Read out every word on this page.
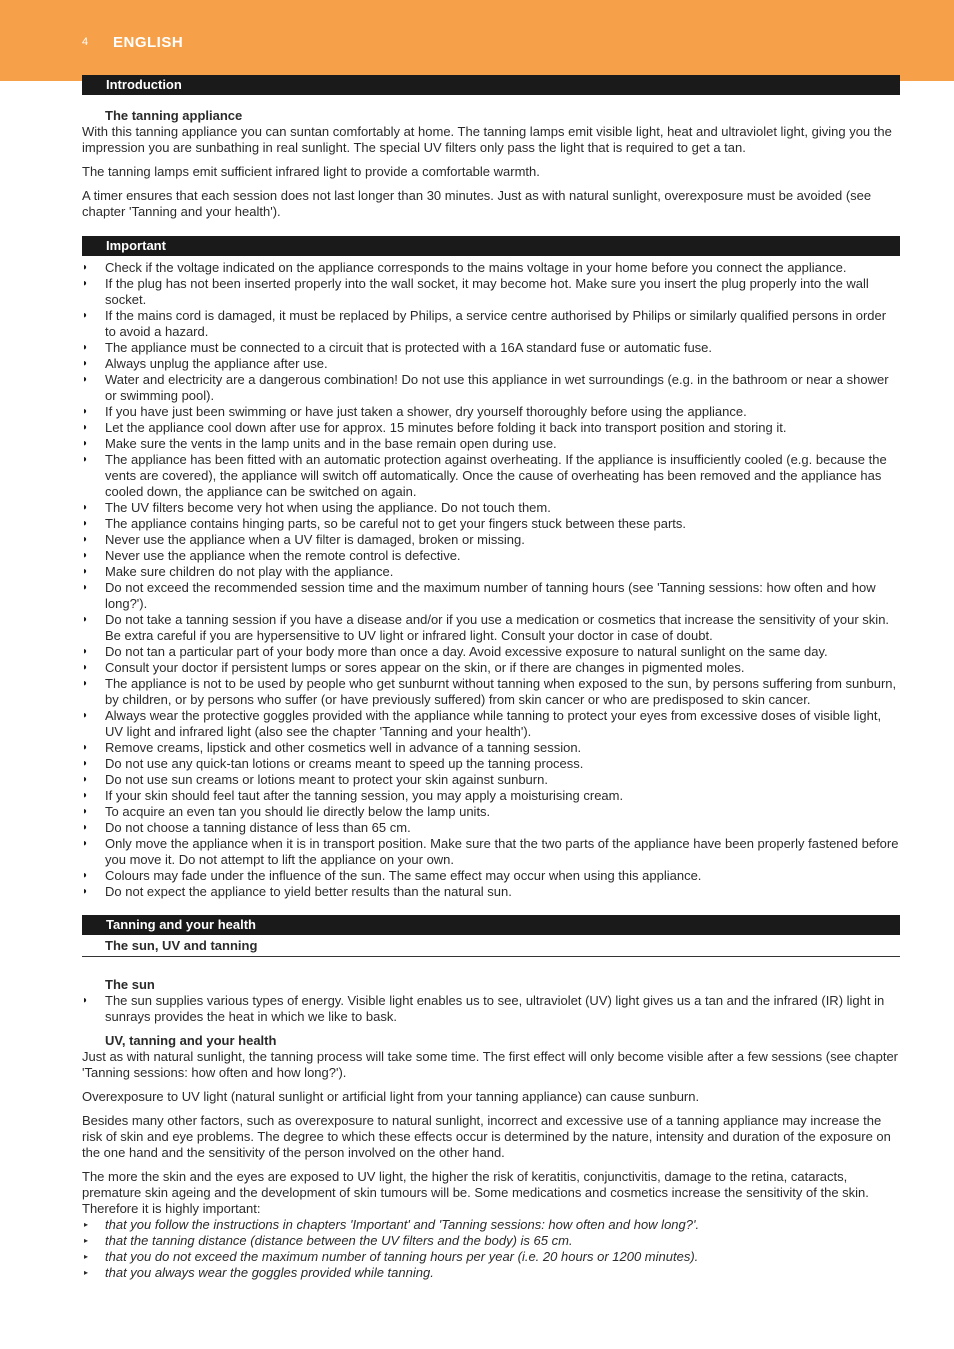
4 ENGLISH
Introduction
The tanning appliance
With this tanning appliance you can suntan comfortably at home. The tanning lamps emit visible light, heat and ultraviolet light, giving you the impression you are sunbathing in real sunlight. The special UV filters only pass the light that is required to get a tan.
The tanning lamps emit sufficient infrared light to provide a comfortable warmth.
A timer ensures that each session does not last longer than 30 minutes. Just as with natural sunlight, overexposure must be avoided (see chapter 'Tanning and your health').
Important
◗ Check if the voltage indicated on the appliance corresponds to the mains voltage in your home before you connect the appliance.
◗ If the plug has not been inserted properly into the wall socket, it may become hot. Make sure you insert the plug properly into the wall socket.
◗ If the mains cord is damaged, it must be replaced by Philips, a service centre authorised by Philips or similarly qualified persons in order to avoid a hazard.
◗ The appliance must be connected to a circuit that is protected with a 16A standard fuse or automatic fuse.
◗ Always unplug the appliance after use.
◗ Water and electricity are a dangerous combination! Do not use this appliance in wet surroundings (e.g. in the bathroom or near a shower or swimming pool).
◗ If you have just been swimming or have just taken a shower, dry yourself thoroughly before using the appliance.
◗ Let the appliance cool down after use for approx. 15 minutes before folding it back into transport position and storing it.
◗ Make sure the vents in the lamp units and in the base remain open during use.
◗ The appliance has been fitted with an automatic protection against overheating. If the appliance is insufficiently cooled (e.g. because the vents are covered), the appliance will switch off automatically. Once the cause of overheating has been removed and the appliance has cooled down, the appliance can be switched on again.
◗ The UV filters become very hot when using the appliance. Do not touch them.
◗ The appliance contains hinging parts, so be careful not to get your fingers stuck between these parts.
◗ Never use the appliance when a UV filter is damaged, broken or missing.
◗ Never use the appliance when the remote control is defective.
◗ Make sure children do not play with the appliance.
◗ Do not exceed the recommended session time and the maximum number of tanning hours (see 'Tanning sessions: how often and how long?').
◗ Do not take a tanning session if you have a disease and/or if you use a medication or cosmetics that increase the sensitivity of your skin. Be extra careful if you are hypersensitive to UV light or infrared light. Consult your doctor in case of doubt.
◗ Do not tan a particular part of your body more than once a day. Avoid excessive exposure to natural sunlight on the same day.
◗ Consult your doctor if persistent lumps or sores appear on the skin, or if there are changes in pigmented moles.
◗ The appliance is not to be used by people who get sunburnt without tanning when exposed to the sun, by persons suffering from sunburn, by children, or by persons who suffer (or have previously suffered) from skin cancer or who are predisposed to skin cancer.
◗ Always wear the protective goggles provided with the appliance while tanning to protect your eyes from excessive doses of visible light, UV light and infrared light (also see the chapter 'Tanning and your health').
◗ Remove creams, lipstick and other cosmetics well in advance of a tanning session.
◗ Do not use any quick-tan lotions or creams meant to speed up the tanning process.
◗ Do not use sun creams or lotions meant to protect your skin against sunburn.
◗ If your skin should feel taut after the tanning session, you may apply a moisturising cream.
◗ To acquire an even tan you should lie directly below the lamp units.
◗ Do not choose a tanning distance of less than 65 cm.
◗ Only move the appliance when it is in transport position. Make sure that the two parts of the appliance have been properly fastened before you move it. Do not attempt to lift the appliance on your own.
◗ Colours may fade under the influence of the sun. The same effect may occur when using this appliance.
◗ Do not expect the appliance to yield better results than the natural sun.
Tanning and your health
The sun, UV and tanning
The sun
◗ The sun supplies various types of energy. Visible light enables us to see, ultraviolet (UV) light gives us a tan and the infrared (IR) light in sunrays provides the heat in which we like to bask.
UV, tanning and your health
Just as with natural sunlight, the tanning process will take some time. The first effect will only become visible after a few sessions (see chapter 'Tanning sessions: how often and how long?').
Overexposure to UV light (natural sunlight or artificial light from your tanning appliance) can cause sunburn.
Besides many other factors, such as overexposure to natural sunlight, incorrect and excessive use of a tanning appliance may increase the risk of skin and eye problems. The degree to which these effects occur is determined by the nature, intensity and duration of the exposure on the one hand and the sensitivity of the person involved on the other hand.
The more the skin and the eyes are exposed to UV light, the higher the risk of keratitis, conjunctivitis, damage to the retina, cataracts, premature skin ageing and the development of skin tumours will be. Some medications and cosmetics increase the sensitivity of the skin.
Therefore it is highly important:
▸ that you follow the instructions in chapters 'Important' and 'Tanning sessions: how often and how long?'.
▸ that the tanning distance (distance between the UV filters and the body) is 65 cm.
▸ that you do not exceed the maximum number of tanning hours per year (i.e. 20 hours or 1200 minutes).
▸ that you always wear the goggles provided while tanning.
